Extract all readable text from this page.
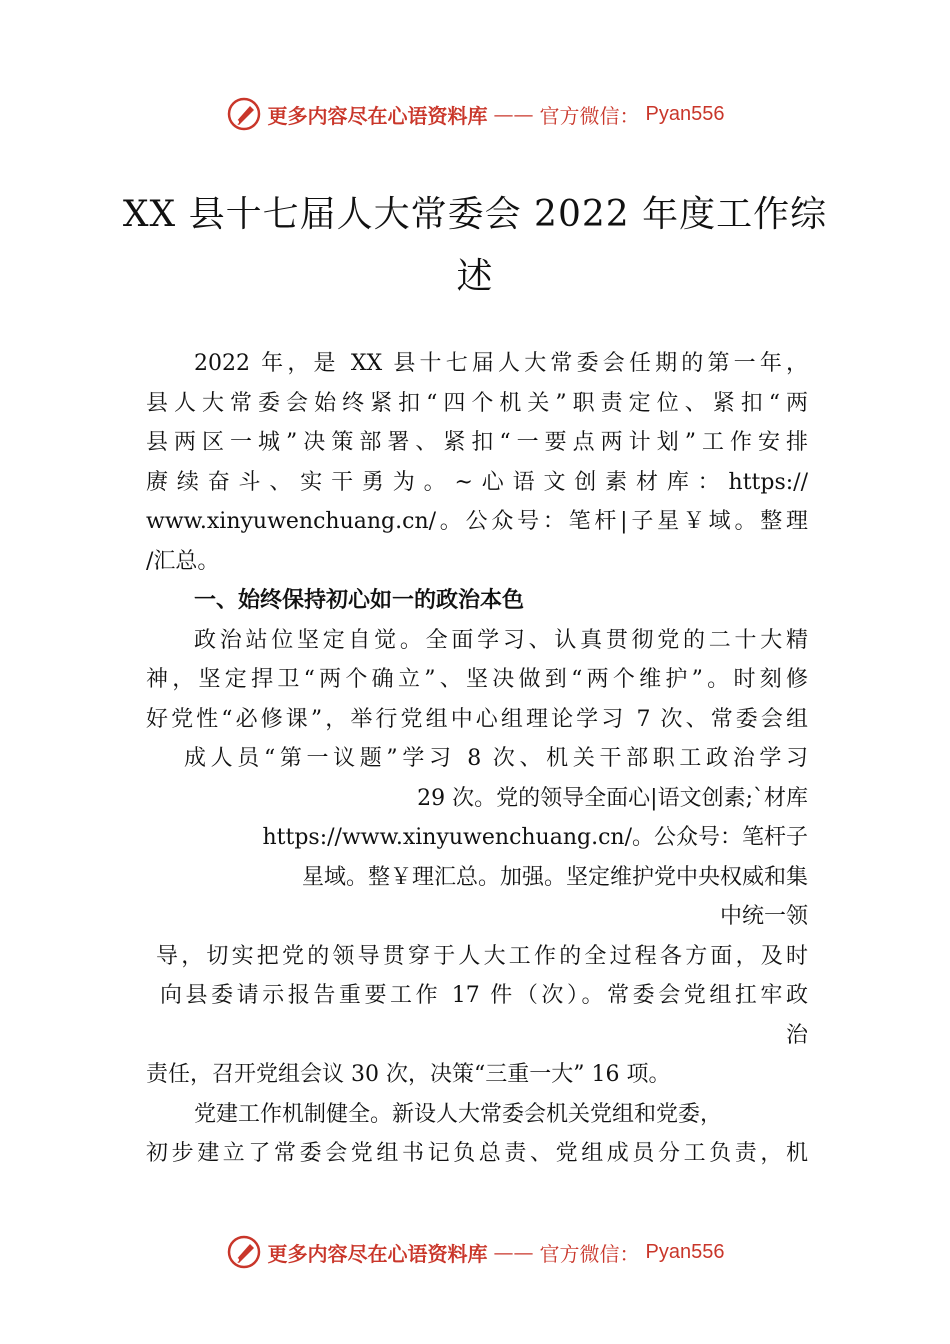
更多内容尽在心语资料库 —— 官方微信： Pyan556
XX 县十七届人大常委会 2022 年度工作综
述
2022 年，是 XX 县十七届人大常委会任期的第一年，
县人大常委会始终紧扣“四个机关”职责定位、紧扣“两
县两区一城”决策部署、紧扣“一要点两计划”工作安排
赓续奋斗、实干勇为。~心语文创素材库：https://
www.xinyuwenchuang.cn/。公众号：笔杆|子星￥域。整理
/汇总。
一、始终保持初心如一的政治本色
政治站位坚定自觉。全面学习、认真贯彻党的二十大精
神，坚定捍卫“两个确立”、坚决做到“两个维护”。时刻修
好党性“必修课”，举行党组中心组理论学习 7 次、常委会组
成人员“第一议题”学习 8 次、机关干部职工政治学习
29 次。党的领导全面心|语文创素;`材库
https://www.xinyuwenchuang.cn/。公众号：笔杆子
星域。整￥理汇总。加强。坚定维护党中央权威和集
中统一领
导，切实把党的领导贯穿于人大工作的全过程各方面，及时
向县委请示报告重要工作 17 件（次）。常委会党组扛牢政
治
责任，召开党组会议 30 次，决策“三重一大” 16 项。
党建工作机制健全。新设人大常委会机关党组和党委，
初步建立了常委会党组书记负总责、党组成员分工负责，机
更多内容尽在心语资料库 —— 官方微信： Pyan556
